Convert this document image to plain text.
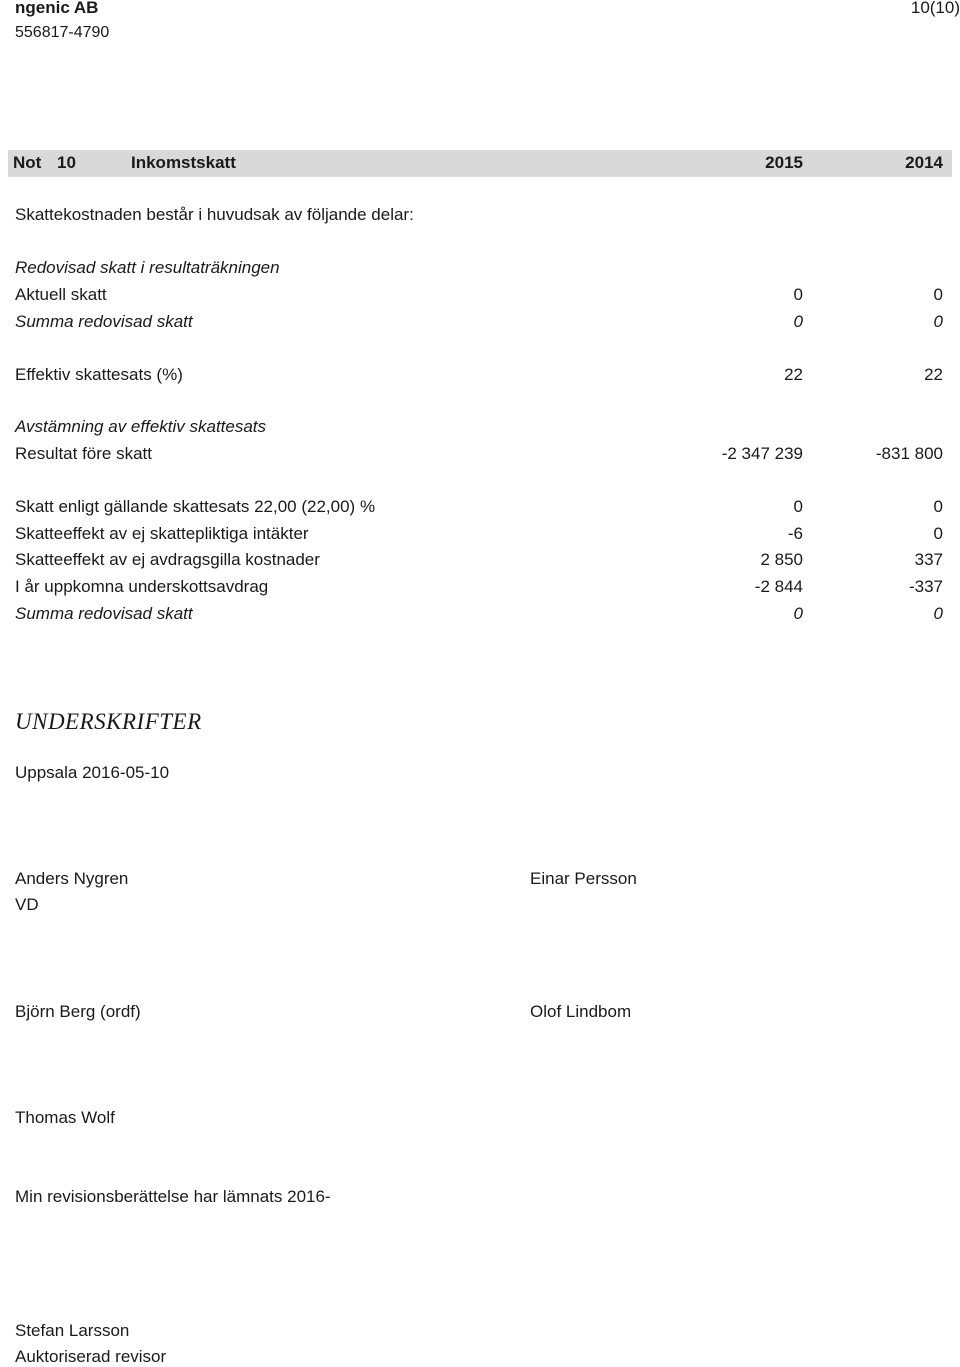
ngenic AB
556817-4790
10(10)
Not 10	Inkomstskatt	2015	2014
Skattekostnaden består i huvudsak av följande delar:
Redovisad skatt i resultaträkningen
Aktuell skatt	0	0
Summa redovisad skatt	0	0
Effektiv skattesats (%)	22	22
Avstämning av effektiv skattesats
Resultat före skatt	-2 347 239	-831 800
Skatt enligt gällande skattesats 22,00 (22,00) %	0	0
Skatteeffekt av ej skattepliktiga intäkter	-6	0
Skatteeffekt av ej avdragsgilla kostnader	2 850	337
I år uppkomna underskottsavdrag	-2 844	-337
Summa redovisad skatt	0	0
UNDERSKRIFTER
Uppsala 2016-05-10
Anders Nygren
VD
Einar Persson
Björn Berg (ordf)	Olof Lindbom
Thomas Wolf
Min revisionsberättelse har lämnats 2016-
Stefan Larsson
Auktoriserad revisor
